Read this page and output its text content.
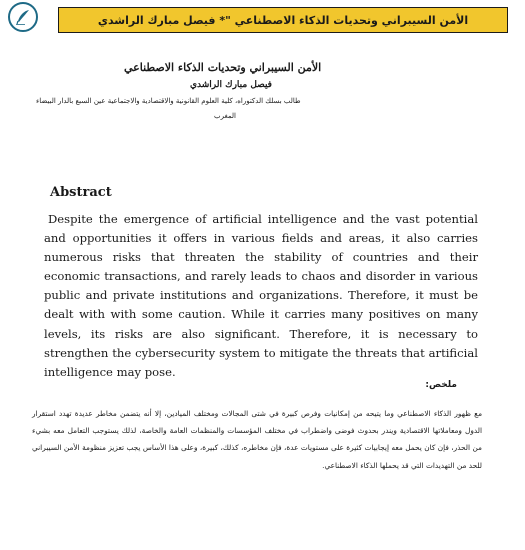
الأمن السيبراني وتحديات الذكاء الاصطناعي "* فيصل مبارك الراشدي
الأمن السيبراني وتحديات الذكاء الاصطناعي
فيصل مبارك الراشدي
طالب بسلك الدكتوراه، كلية العلوم القانونية والاقتصادية والاجتماعية عين السبع بالدار البيضاء
المغرب
Abstract

Despite the emergence of artificial intelligence and the vast potential and opportunities it offers in various fields and areas, it also carries numerous risks that threaten the stability of countries and their economic transactions, and rarely leads to chaos and disorder in various public and private institutions and organizations. Therefore, it must be dealt with with some caution. While it carries many positives on many levels, its risks are also significant. Therefore, it is necessary to strengthen the cybersecurity system to mitigate the threats that artificial intelligence may pose.

ملخص:

مع ظهور الذكاء الاصطناعي وما يتيحه من إمكانيات وفرص كبيرة في شتى المجالات ومختلف الميادين، إلا أنه يتضمن مخاطر عديدة تهدد استقرار الدول ومعاملاتها الاقتصادية ويندر بحدوث فوضى واضطراب في مختلف المؤسسات والمنظمات العامة والخاصة، لذلك يستوجب التعامل معه بشيء من الحذر، فإن كان يحمل معه إيجابيات كثيرة على مستويات عدة، فإن مخاطره، كذلك، كبيرة، وعلى هذا الأساس يجب تعزيز منظومة الأمن السيبراني للحد من التهديدات التي قد يحملها الذكاء الاصطناعي.
